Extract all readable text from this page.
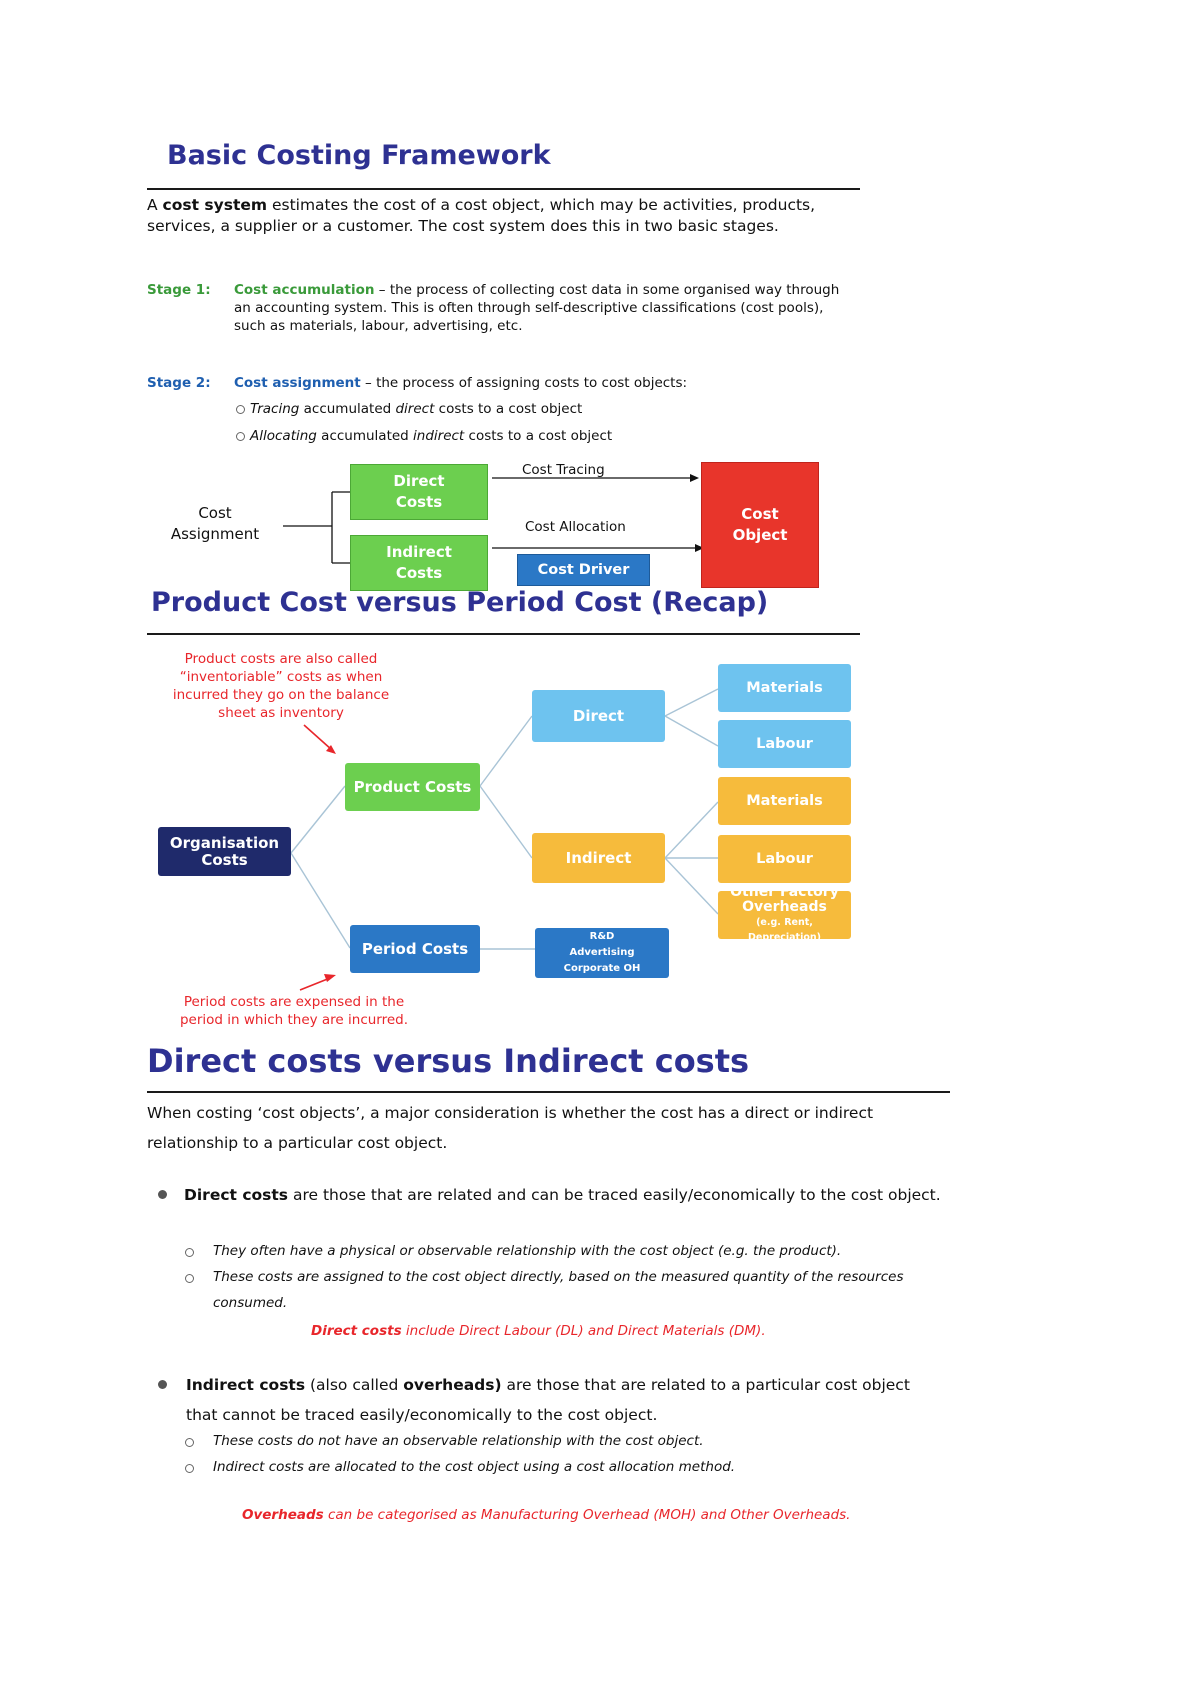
Basic Costing Framework
A cost system estimates the cost of a cost object, which may be activities, products, services, a supplier or a customer. The cost system does this in two basic stages.
Stage 1: Cost accumulation – the process of collecting cost data in some organised way through an accounting system. This is often through self-descriptive classifications (cost pools), such as materials, labour, advertising, etc.
Stage 2: Cost assignment – the process of assigning costs to cost objects:
Tracing accumulated direct costs to a cost object
Allocating accumulated indirect costs to a cost object
Cost Assignment
Direct Costs
Indirect Costs
Cost Tracing
Cost Allocation
Cost Driver
Cost Object
Product Cost versus Period Cost (Recap)
Product costs are also called “inventoriable” costs as when incurred they go on the balance sheet as inventory
Organisation Costs
Product Costs
Period Costs
Direct
Indirect
Materials
Labour
Materials
Labour
Other Factory Overheads
(e.g. Rent, Depreciation)
R&D
Advertising
Corporate OH
Period costs are expensed in the period in which they are incurred.
Direct costs versus Indirect costs
When costing ‘cost objects’, a major consideration is whether the cost has a direct or indirect relationship to a particular cost object.
Direct costs are those that are related and can be traced easily/economically to the cost object.
They often have a physical or observable relationship with the cost object (e.g. the product).
These costs are assigned to the cost object directly, based on the measured quantity of the resources consumed.
Direct costs include Direct Labour (DL) and Direct Materials (DM).
Indirect costs (also called overheads) are those that are related to a particular cost object that cannot be traced easily/economically to the cost object.
These costs do not have an observable relationship with the cost object.
Indirect costs are allocated to the cost object using a cost allocation method.
Overheads can be categorised as Manufacturing Overhead (MOH) and Other Overheads.
